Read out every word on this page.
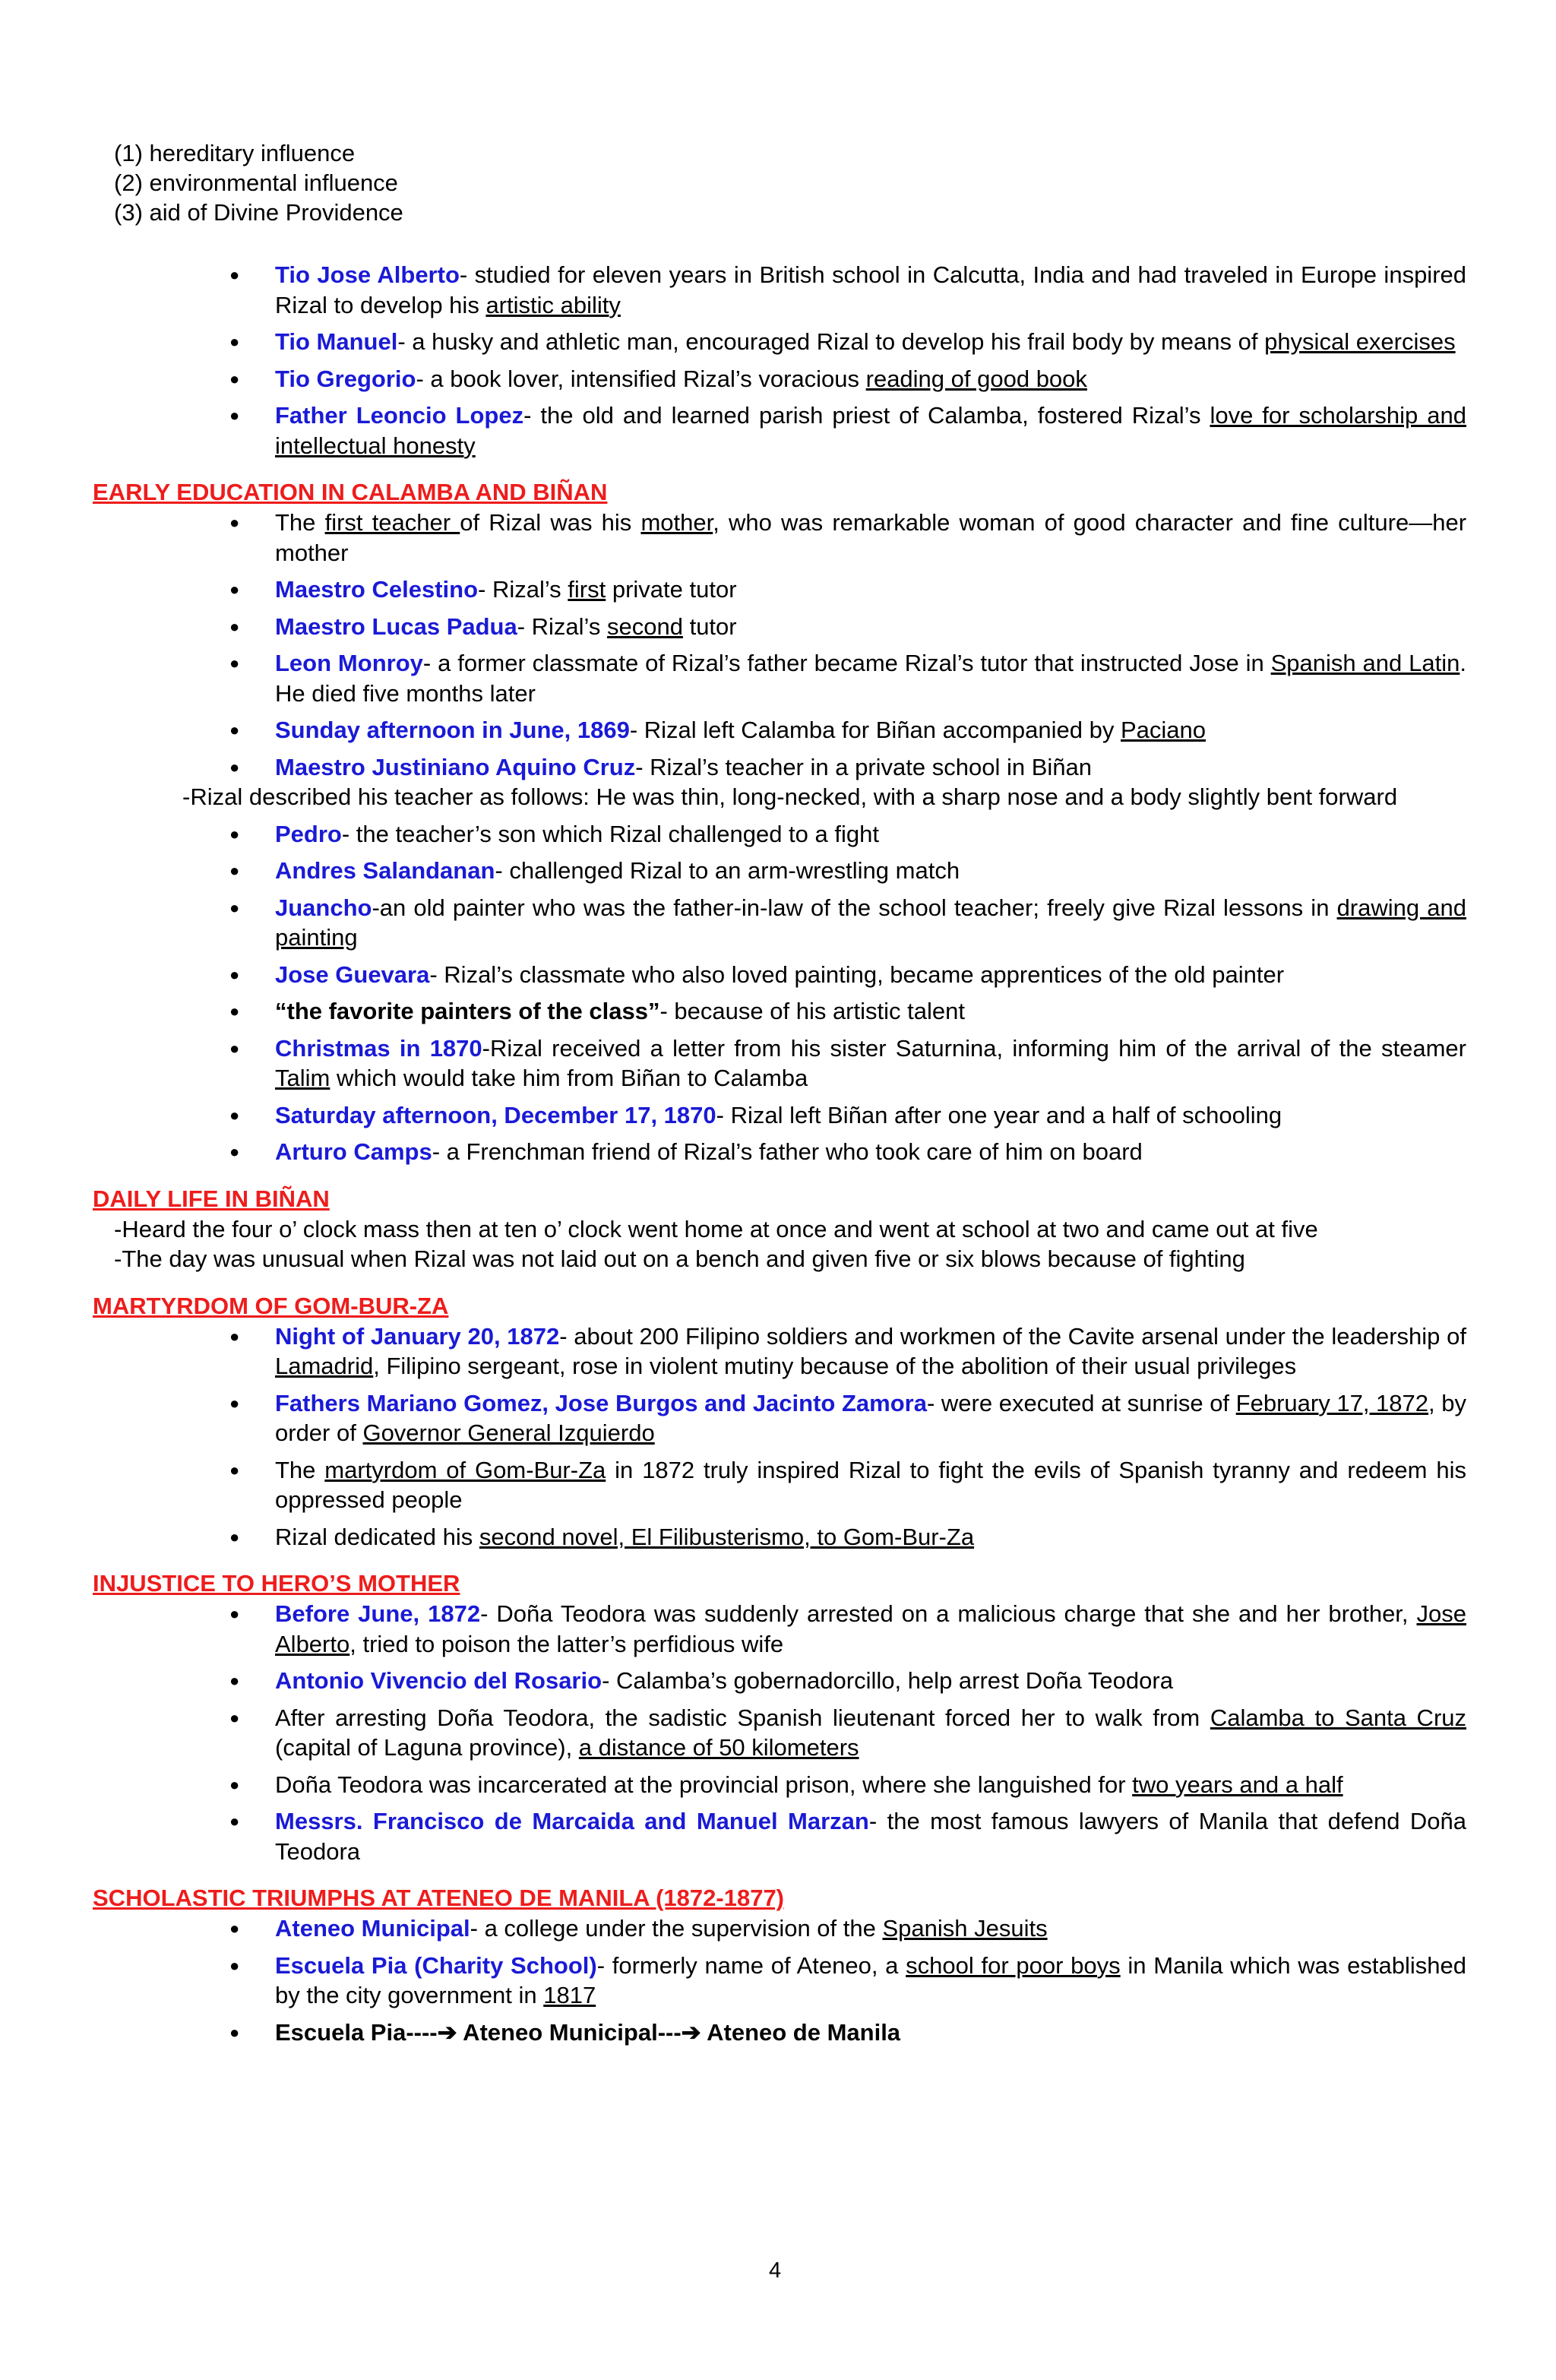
(1) hereditary influence
(2) environmental influence
(3) aid of Divine Providence
● Tio Jose Alberto- studied for eleven years in British school in Calcutta, India and had traveled in Europe inspired Rizal to develop his artistic ability
● Tio Manuel- a husky and athletic man, encouraged Rizal to develop his frail body by means of physical exercises
● Tio Gregorio- a book lover, intensified Rizal’s voracious reading of good book
● Father Leoncio Lopez- the old and learned parish priest of Calamba, fostered Rizal’s love for scholarship and intellectual honesty
EARLY EDUCATION IN CALAMBA AND BIÑAN
● The first teacher of Rizal was his mother, who was remarkable woman of good character and fine culture—her mother
● Maestro Celestino- Rizal’s first private tutor
● Maestro Lucas Padua- Rizal’s second tutor
● Leon Monroy- a former classmate of Rizal’s father became Rizal’s tutor that instructed Jose in Spanish and Latin. He died five months later
● Sunday afternoon in June, 1869- Rizal left Calamba for Biñan accompanied by Paciano
● Maestro Justiniano Aquino Cruz- Rizal’s teacher in a private school in Biñan
-Rizal described his teacher as follows: He was thin, long-necked, with a sharp nose and a body slightly bent forward
● Pedro- the teacher’s son which Rizal challenged to a fight
● Andres Salandanan- challenged Rizal to an arm-wrestling match
● Juancho-an old painter who was the father-in-law of the school teacher; freely give Rizal lessons in drawing and painting
● Jose Guevara- Rizal’s classmate who also loved painting, became apprentices of the old painter
● “the favorite painters of the class”- because of his artistic talent
● Christmas in 1870-Rizal received a letter from his sister Saturnina, informing him of the arrival of the steamer Talim which would take him from Biñan to Calamba
● Saturday afternoon, December 17, 1870- Rizal left Biñan after one year and a half of schooling
● Arturo Camps- a Frenchman friend of Rizal’s father who took care of him on board
DAILY LIFE IN BIÑAN
-Heard the four o’ clock mass then at ten o’ clock went home at once and went at school at two and came out at five
-The day was unusual when Rizal was not laid out on a bench and given five or six blows because of fighting
MARTYRDOM OF GOM-BUR-ZA
● Night of January 20, 1872- about 200 Filipino soldiers and workmen of the Cavite arsenal under the leadership of Lamadrid, Filipino sergeant, rose in violent mutiny because of the abolition of their usual privileges
● Fathers Mariano Gomez, Jose Burgos and Jacinto Zamora- were executed at sunrise of February 17, 1872, by order of Governor General Izquierdo
● The martyrdom of Gom-Bur-Za in 1872 truly inspired Rizal to fight the evils of Spanish tyranny and redeem his oppressed people
● Rizal dedicated his second novel, El Filibusterismo, to Gom-Bur-Za
INJUSTICE TO HERO’S MOTHER
● Before June, 1872- Doña Teodora was suddenly arrested on a malicious charge that she and her brother, Jose Alberto, tried to poison the latter’s perfidious wife
● Antonio Vivencio del Rosario- Calamba’s gobernadorcillo, help arrest Doña Teodora
● After arresting Doña Teodora, the sadistic Spanish lieutenant forced her to walk from Calamba to Santa Cruz (capital of Laguna province), a distance of 50 kilometers
● Doña Teodora was incarcerated at the provincial prison, where she languished for two years and a half
● Messrs. Francisco de Marcaida and Manuel Marzan- the most famous lawyers of Manila that defend Doña Teodora
SCHOLASTIC TRIUMPHS AT ATENEO DE MANILA (1872-1877)
● Ateneo Municipal- a college under the supervision of the Spanish Jesuits
● Escuela Pia (Charity School)- formerly name of Ateneo, a school for poor boys in Manila which was established by the city government in 1817
● Escuela Pia----➔ Ateneo Municipal---➔ Ateneo de Manila
4
